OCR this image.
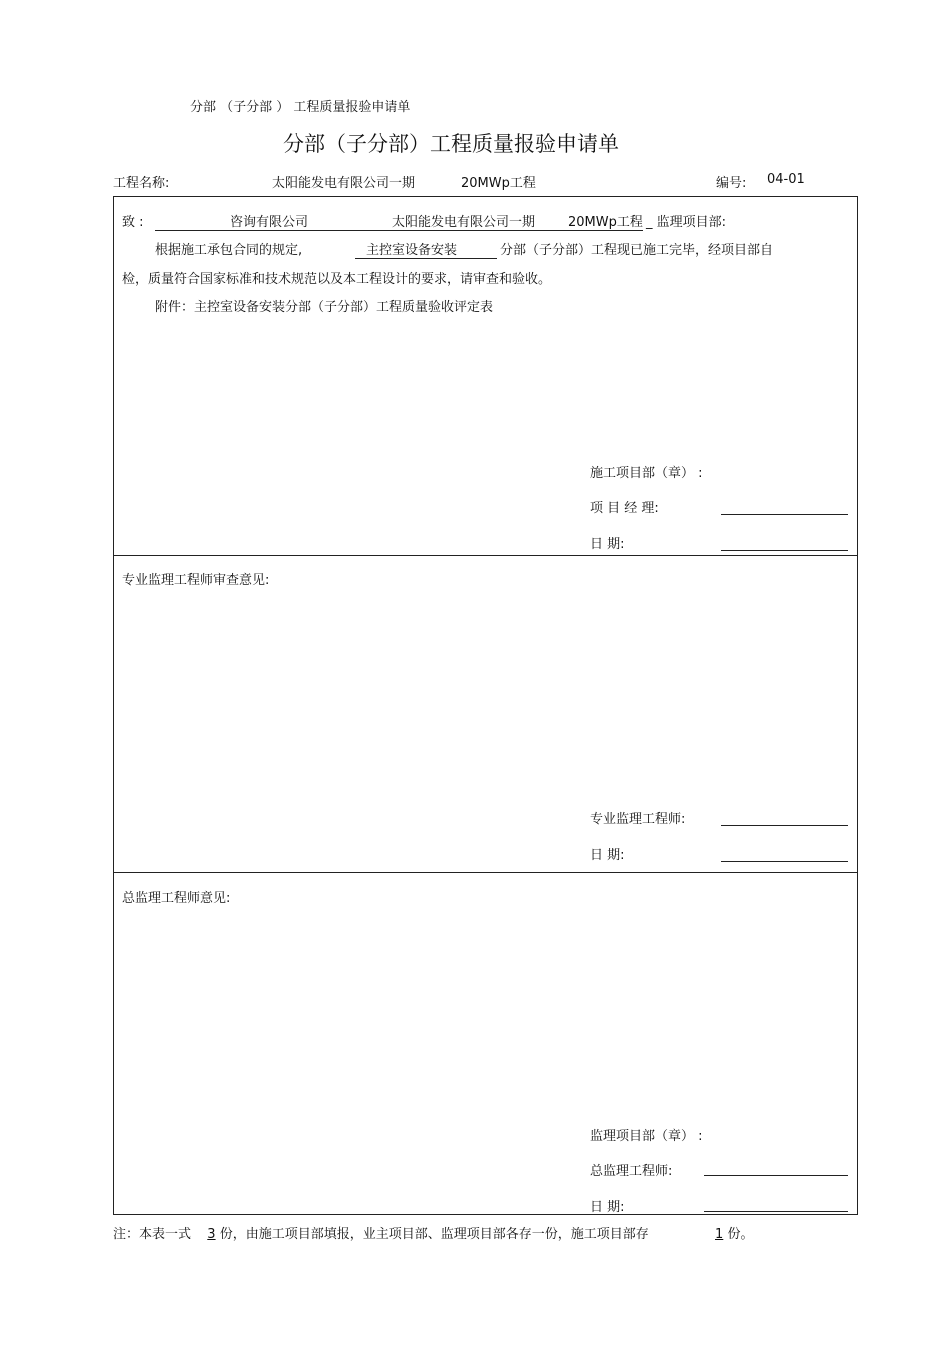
分部 （子分部 ） 工程质量报验申请单
分部（子分部）工程质量报验申请单
工程名称:	太阳能发电有限公司一期	20MWp工程	编号: 04-01
致 :	咨询有限公司	太阳能发电有限公司一期	20MWp工程 _ 监理项目部:
根据施工承包合同的规定,	主控室设备安装	分部（子分部）工程现已施工完毕，经项目部自
检，质量符合国家标准和技术规范以及本工程设计的要求，请审查和验收。
附件：主控室设备安装分部（子分部）工程质量验收评定表
施工项目部（章） :
项 目 经 理:
日 期:
专业监理工程师审查意见:
专业监理工程师:
日 期:
总监理工程师意见:
监理项目部（章） :
总监理工程师:
日 期:
注：本表一式 3 份，由施工项目部填报，业主项目部、监理项目部各存一份，施工项目部存	1 份。
